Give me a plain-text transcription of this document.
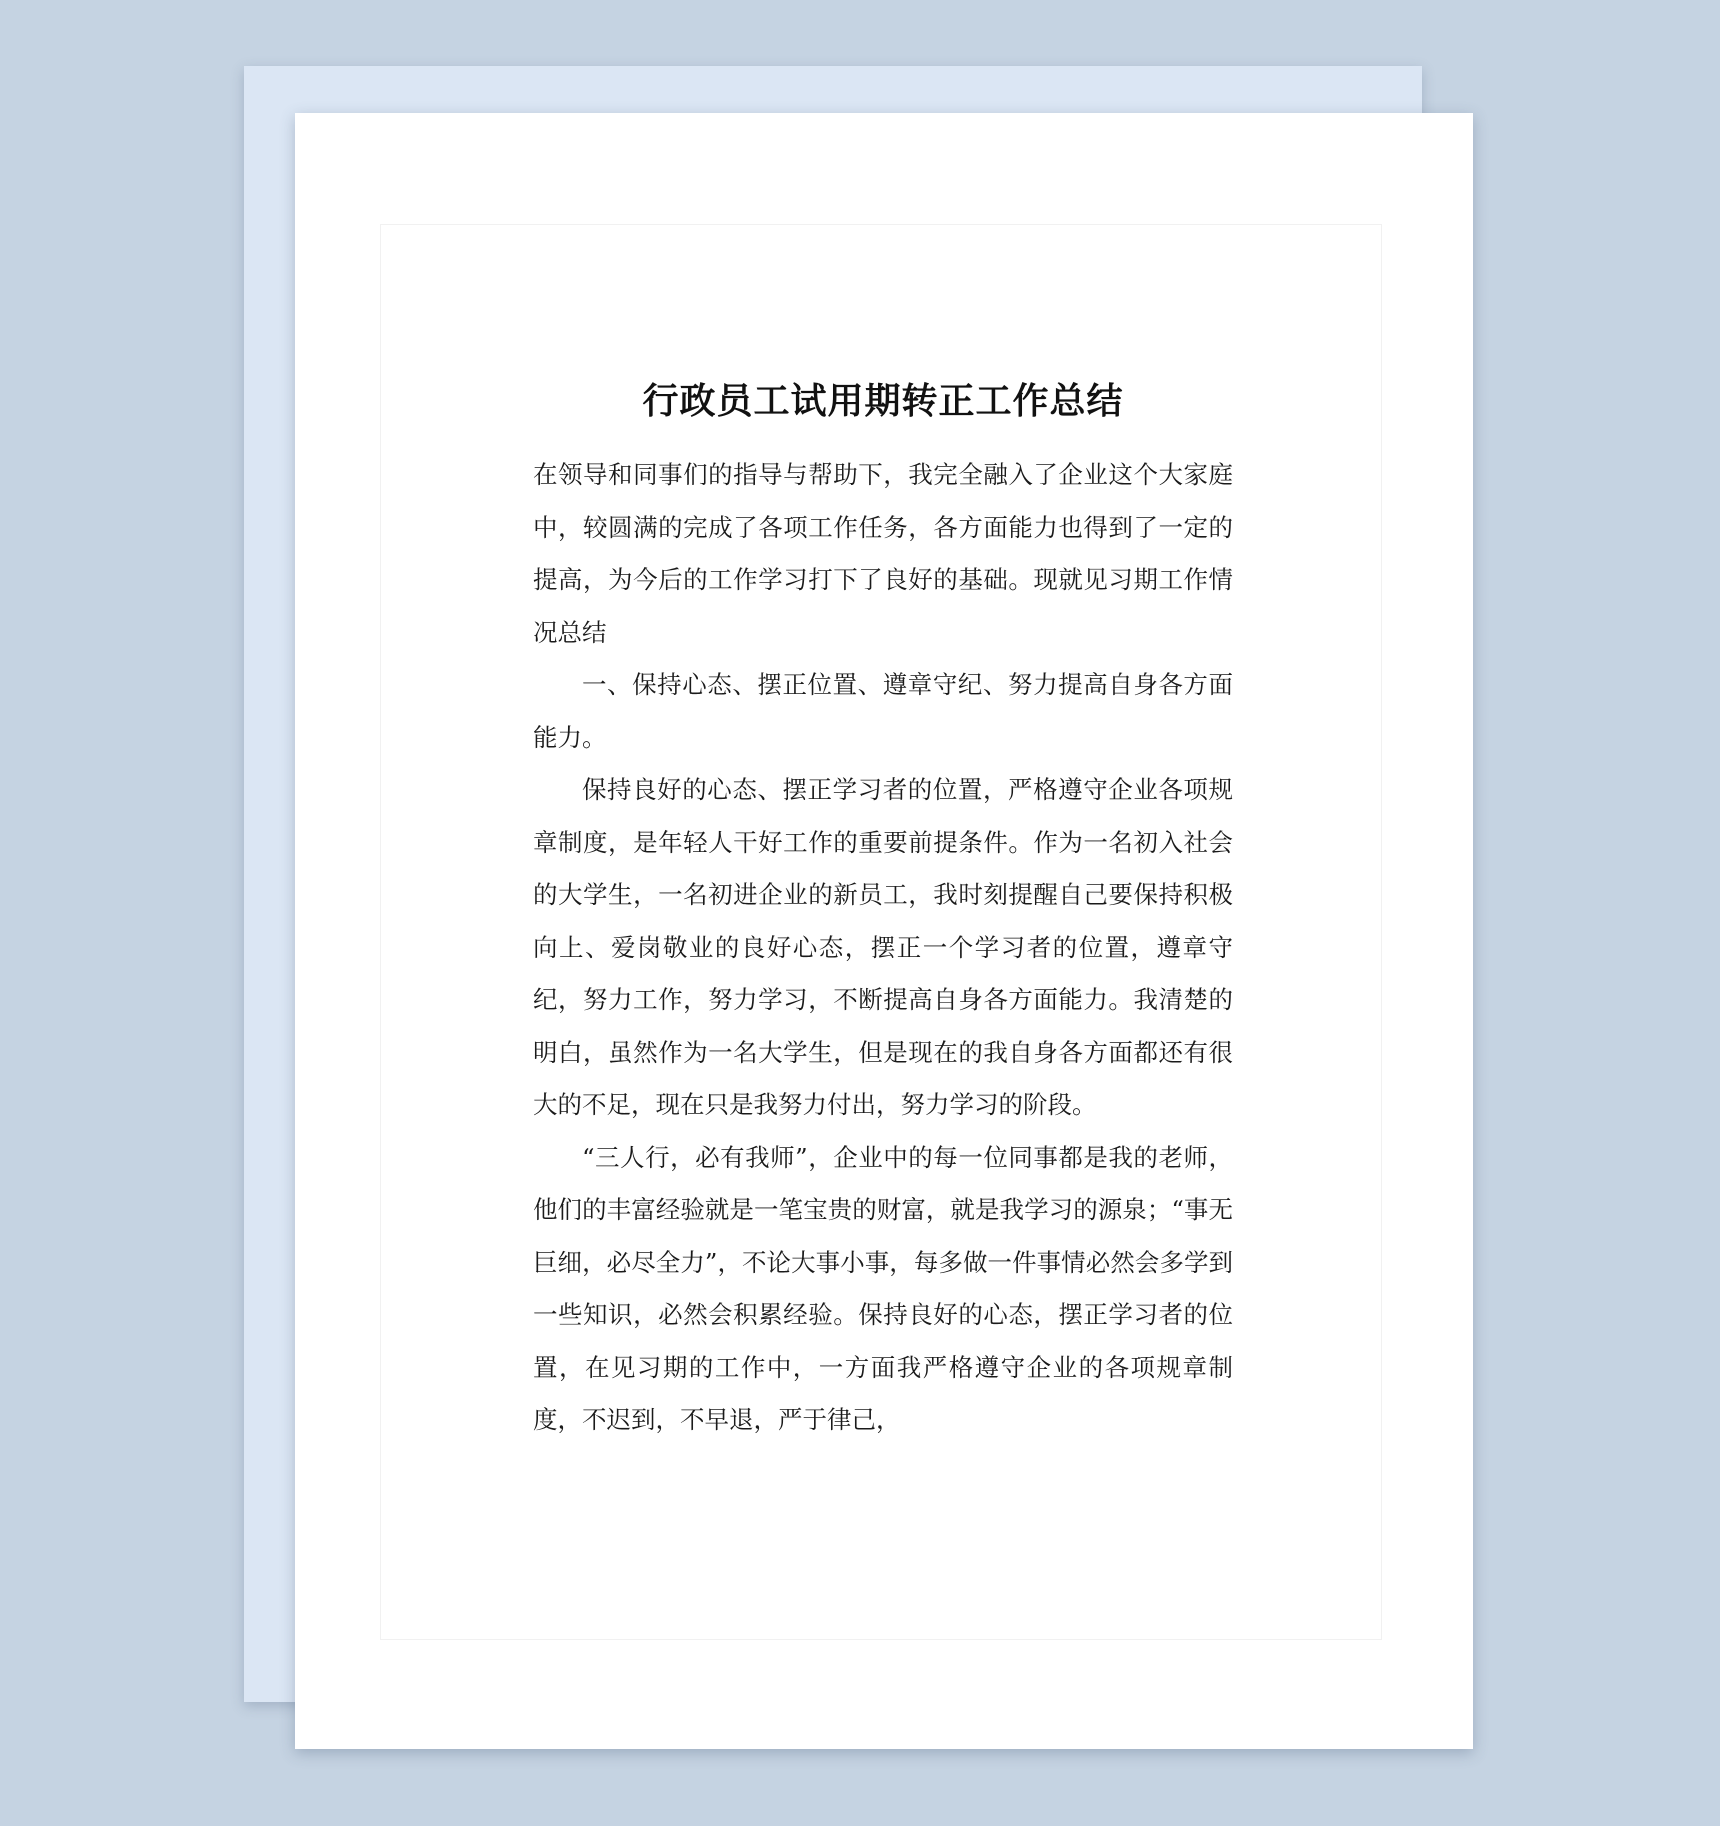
行政员工试用期转正工作总结

在领导和同事们的指导与帮助下，我完全融入了企业这个大家庭中，较圆满的完成了各项工作任务，各方面能力也得到了一定的提高，为今后的工作学习打下了良好的基础。现就见习期工作情况总结

一、保持心态、摆正位置、遵章守纪、努力提高自身各方面能力。

保持良好的心态、摆正学习者的位置，严格遵守企业各项规章制度，是年轻人干好工作的重要前提条件。作为一名初入社会的大学生，一名初进企业的新员工，我时刻提醒自己要保持积极向上、爱岗敬业的良好心态，摆正一个学习者的位置，遵章守纪，努力工作，努力学习，不断提高自身各方面能力。我清楚的明白，虽然作为一名大学生，但是现在的我自身各方面都还有很大的不足，现在只是我努力付出，努力学习的阶段。

“三人行，必有我师”，企业中的每一位同事都是我的老师，他们的丰富经验就是一笔宝贵的财富，就是我学习的源泉；“事无巨细，必尽全力”，不论大事小事，每多做一件事情必然会多学到一些知识，必然会积累经验。保持良好的心态，摆正学习者的位置，在见习期的工作中，一方面我严格遵守企业的各项规章制度，不迟到，不早退，严于律己，
